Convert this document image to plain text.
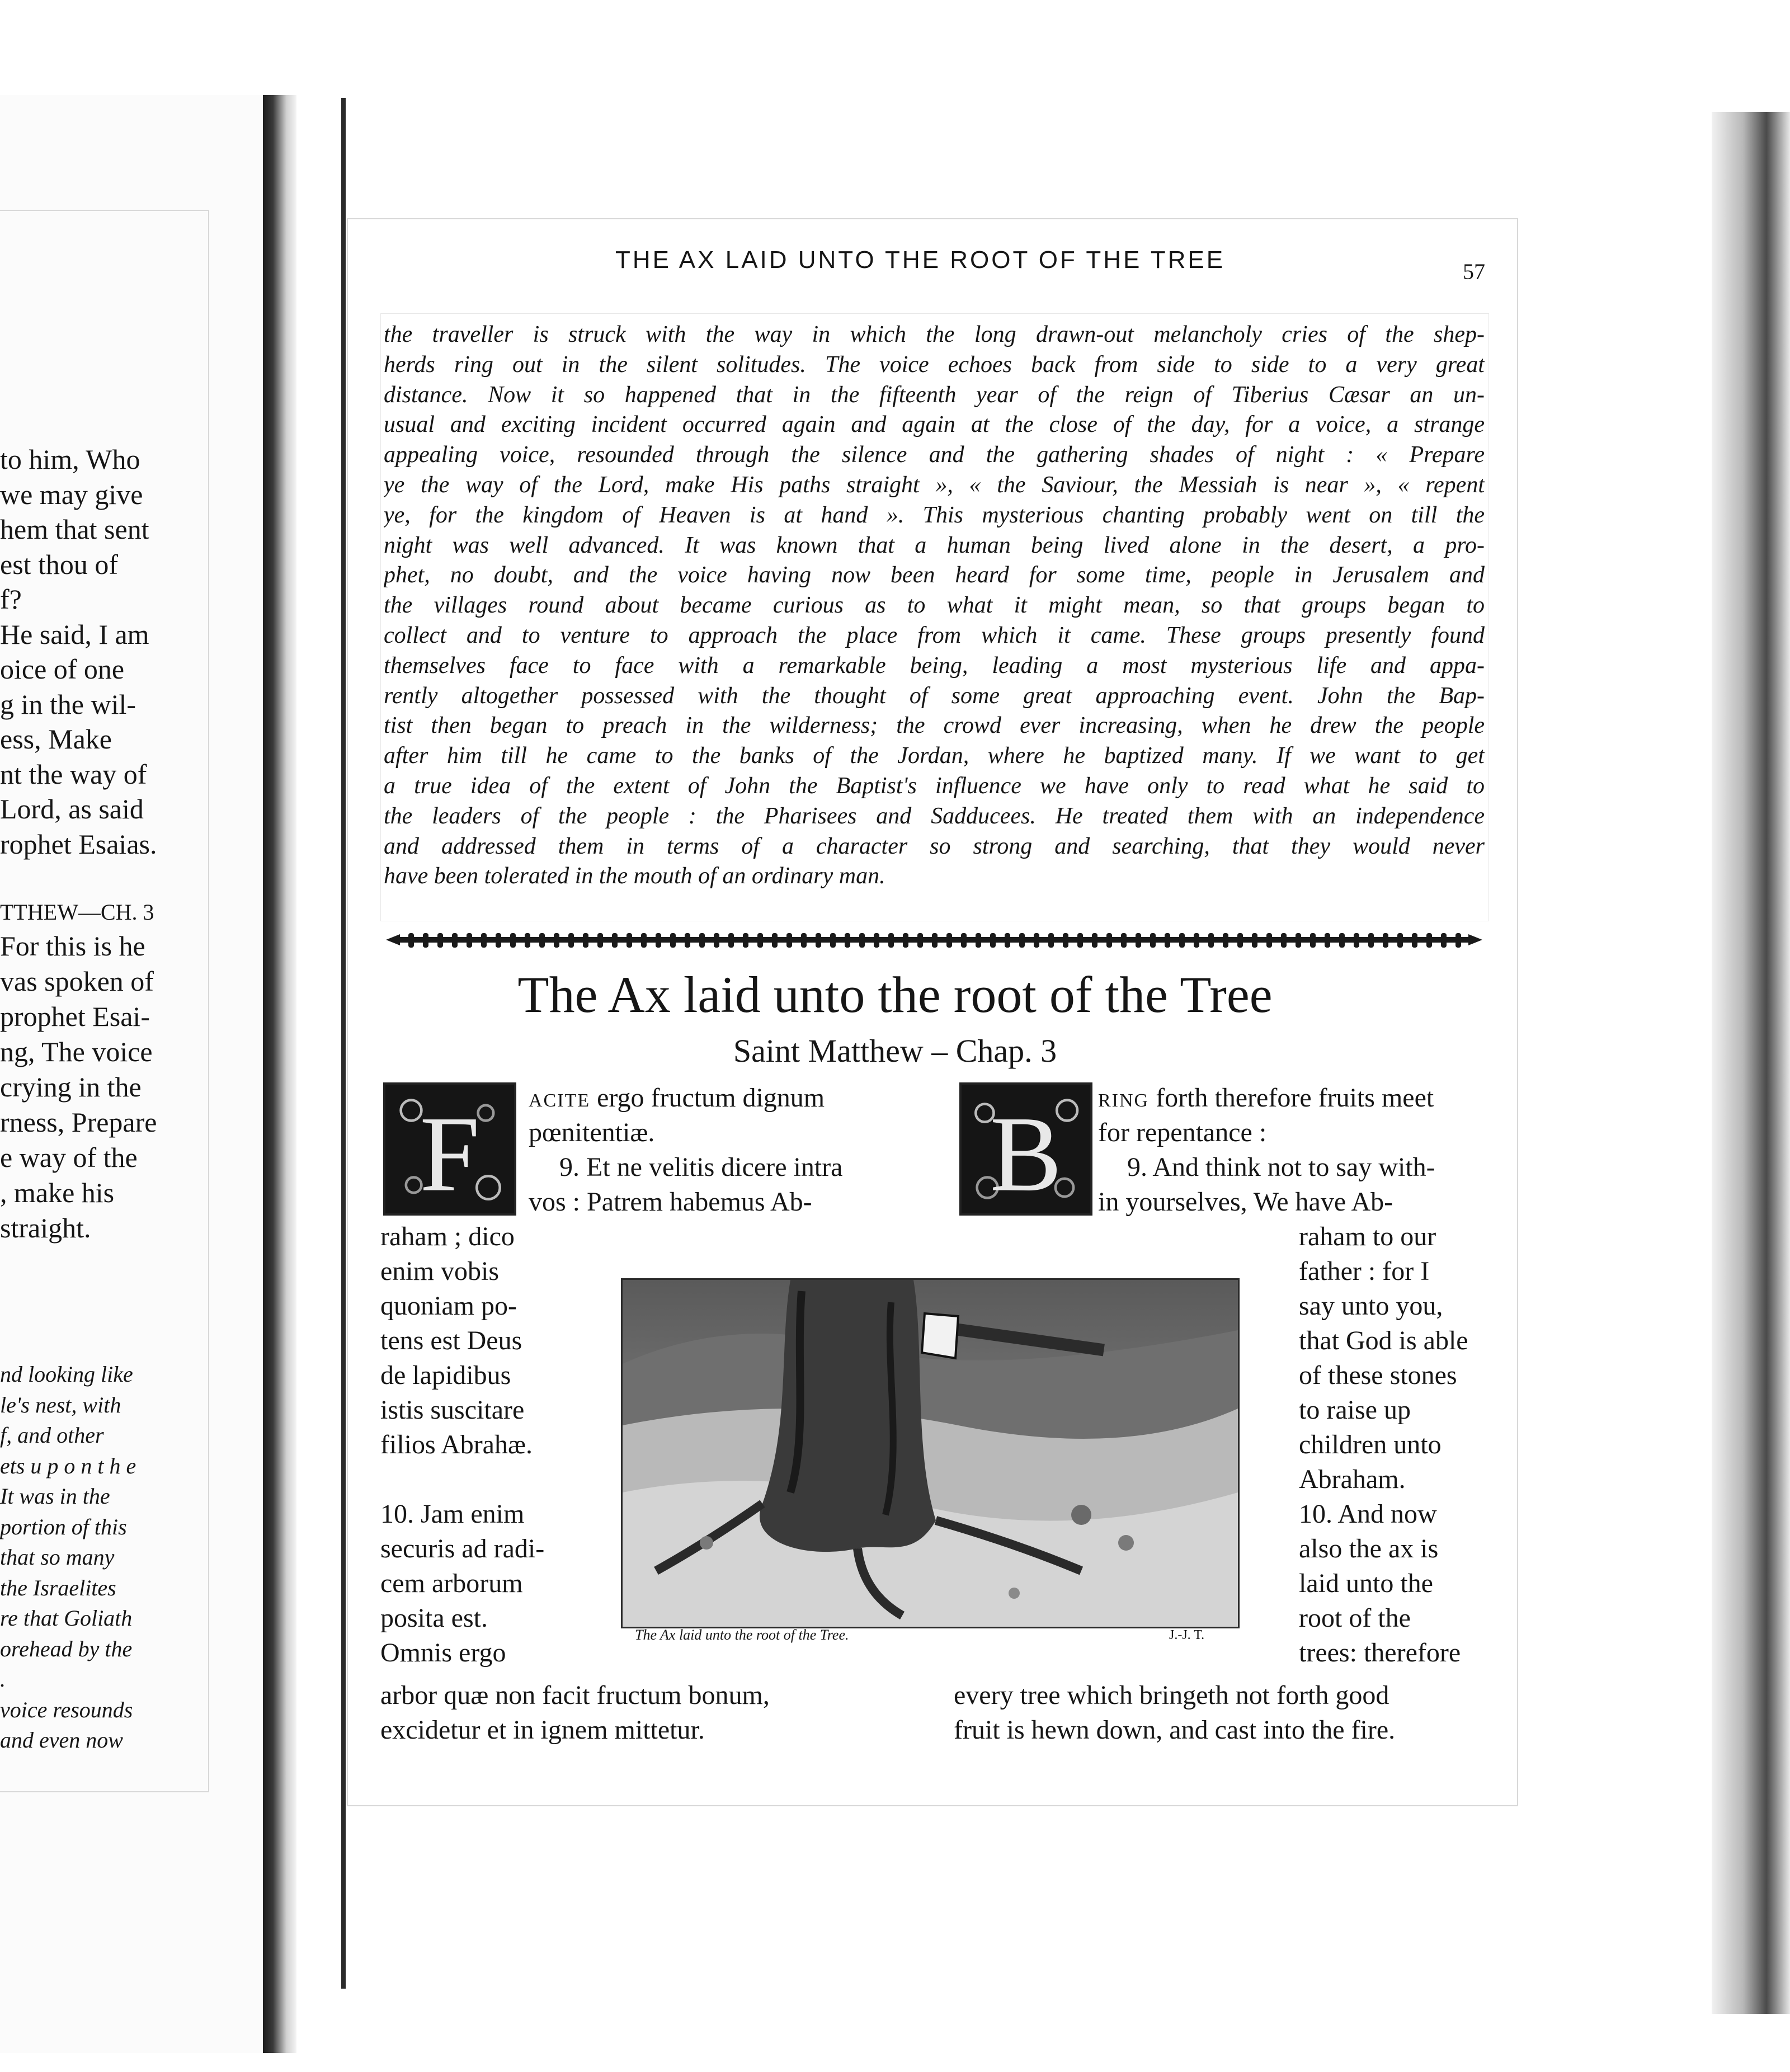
to him, Who
we may give
hem that sent
est thou of
f?
He said, I am
oice of one
g in the wil-
ess, Make
nt the way of
Lord, as said
rophet Esaias.
TTHEW—CH. 3
For this is he
vas spoken of
prophet Esai-
ng, The voice
crying in the
rness, Prepare
e way of the
, make his
straight.
nd looking like
le's nest, with
f, and other
ets u p o n t h e
It was in the
portion of this
that so many
the Israelites
re that Goliath
orehead by the
.
voice resounds
and even now
THE AX LAID UNTO THE ROOT OF THE TREE	57
the traveller is struck with the way in which the long drawn-out melancholy cries of the shep-
herds ring out in the silent solitudes. The voice echoes back from side to side to a very great
distance. Now it so happened that in the fifteenth year of the reign of Tiberius Cæsar an un-
usual and exciting incident occurred again and again at the close of the day, for a voice, a strange
appealing voice, resounded through the silence and the gathering shades of night : « Prepare
ye the way of the Lord, make His paths straight », « the Saviour, the Messiah is near », « repent
ye, for the kingdom of Heaven is at hand ». This mysterious chanting probably went on till the
night was well advanced. It was known that a human being lived alone in the desert, a pro-
phet, no doubt, and the voice having now been heard for some time, people in Jerusalem and
the villages round about became curious as to what it might mean, so that groups began to
collect and to venture to approach the place from which it came. These groups presently found
themselves face to face with a remarkable being, leading a most mysterious life and appa-
rently altogether possessed with the thought of some great approaching event. John the Bap-
tist then began to preach in the wilderness; the crowd ever increasing, when he drew the people
after him till he came to the banks of the Jordan, where he baptized many. If we want to get
a true idea of the extent of John the Baptist's influence we have only to read what he said to
the leaders of the people : the Pharisees and Sadducees. He treated them with an independence
and addressed them in terms of a character so strong and searching, that they would never
have been tolerated in the mouth of an ordinary man.
The Ax laid unto the root of the Tree
Saint Matthew – Chap. 3
F	B
acite ergo fructum dignum
pœnitentiæ.
9. Et ne velitis dicere intra
vos : Patrem habemus Ab-
raham ; dico
enim vobis
quoniam po-
tens est Deus
de lapidibus
istis suscitare
filios Abrahæ.
10. Jam enim
securis ad radi-
cem arborum
posita est.
Omnis ergo
arbor quæ non facit fructum bonum,
excidetur et in ignem mittetur.
ring forth therefore fruits meet
for repentance :
9. And think not to say with-
in yourselves, We have Ab-
raham to our
father : for I
say unto you,
that God is able
of these stones
to raise up
children unto
Abraham.
10. And now
also the ax is
laid unto the
root of the
trees: therefore
every tree which bringeth not forth good
fruit is hewn down, and cast into the fire.
The Ax laid unto the root of the Tree.	J.-J. T.
